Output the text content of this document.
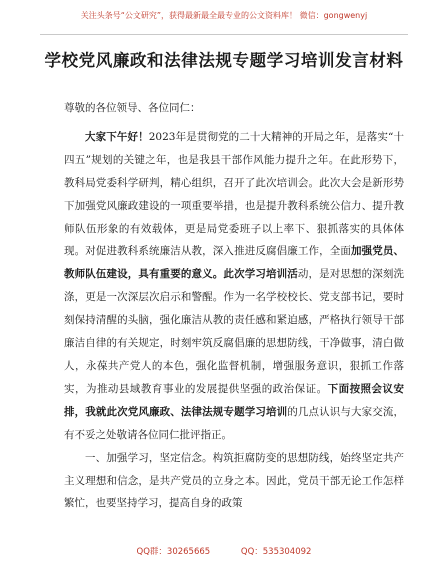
关注头条号“公文研究”，获得最新最全最专业的公文资料库！ 微信：gongwenyj
学校党风廉政和法律法规专题学习培训发言材料

尊敬的各位领导、各位同仁：

大家下午好！2023年是贯彻党的二十大精神的开局之年，是落实“十四五”规划的关键之年，也是我县干部作风能力提升之年。在此形势下，教科局党委科学研判，精心组织，召开了此次培训会。此次大会是新形势下加强党风廉政建设的一项重要举措，也是提升教科系统公信力、提升教师队伍形象的有效载体，更是局党委班子以上率下、狠抓落实的具体体现。对促进教科系统廉洁从教，深入推进反腐倡廉工作，全面加强党员、教师队伍建设，具有重要的意义。此次学习培训活动，是对思想的深刻洗涤，更是一次深层次启示和警醒。作为一名学校校长、党支部书记，要时刻保持清醒的头脑，强化廉洁从教的责任感和紧迫感，严格执行领导干部廉洁自律的有关规定，时刻牢筑反腐倡廉的思想防线，干净做事，清白做人，永葆共产党人的本色，强化监督机制，增强服务意识，狠抓工作落实，为推动县域教育事业的发展提供坚强的政治保证。下面按照会议安排，我就此次党风廉政、法律法规专题学习培训的几点认识与大家交流，有不妥之处敬请各位同仁批评指正。

一、加强学习，坚定信念。构筑拒腐防变的思想防线，始终坚定共产主义理想和信念，是共产党员的立身之本。因此，党员干部无论工作怎样繁忙，也要坚持学习，提高自身的政策

QQ群：30265665	QQ：535304092
